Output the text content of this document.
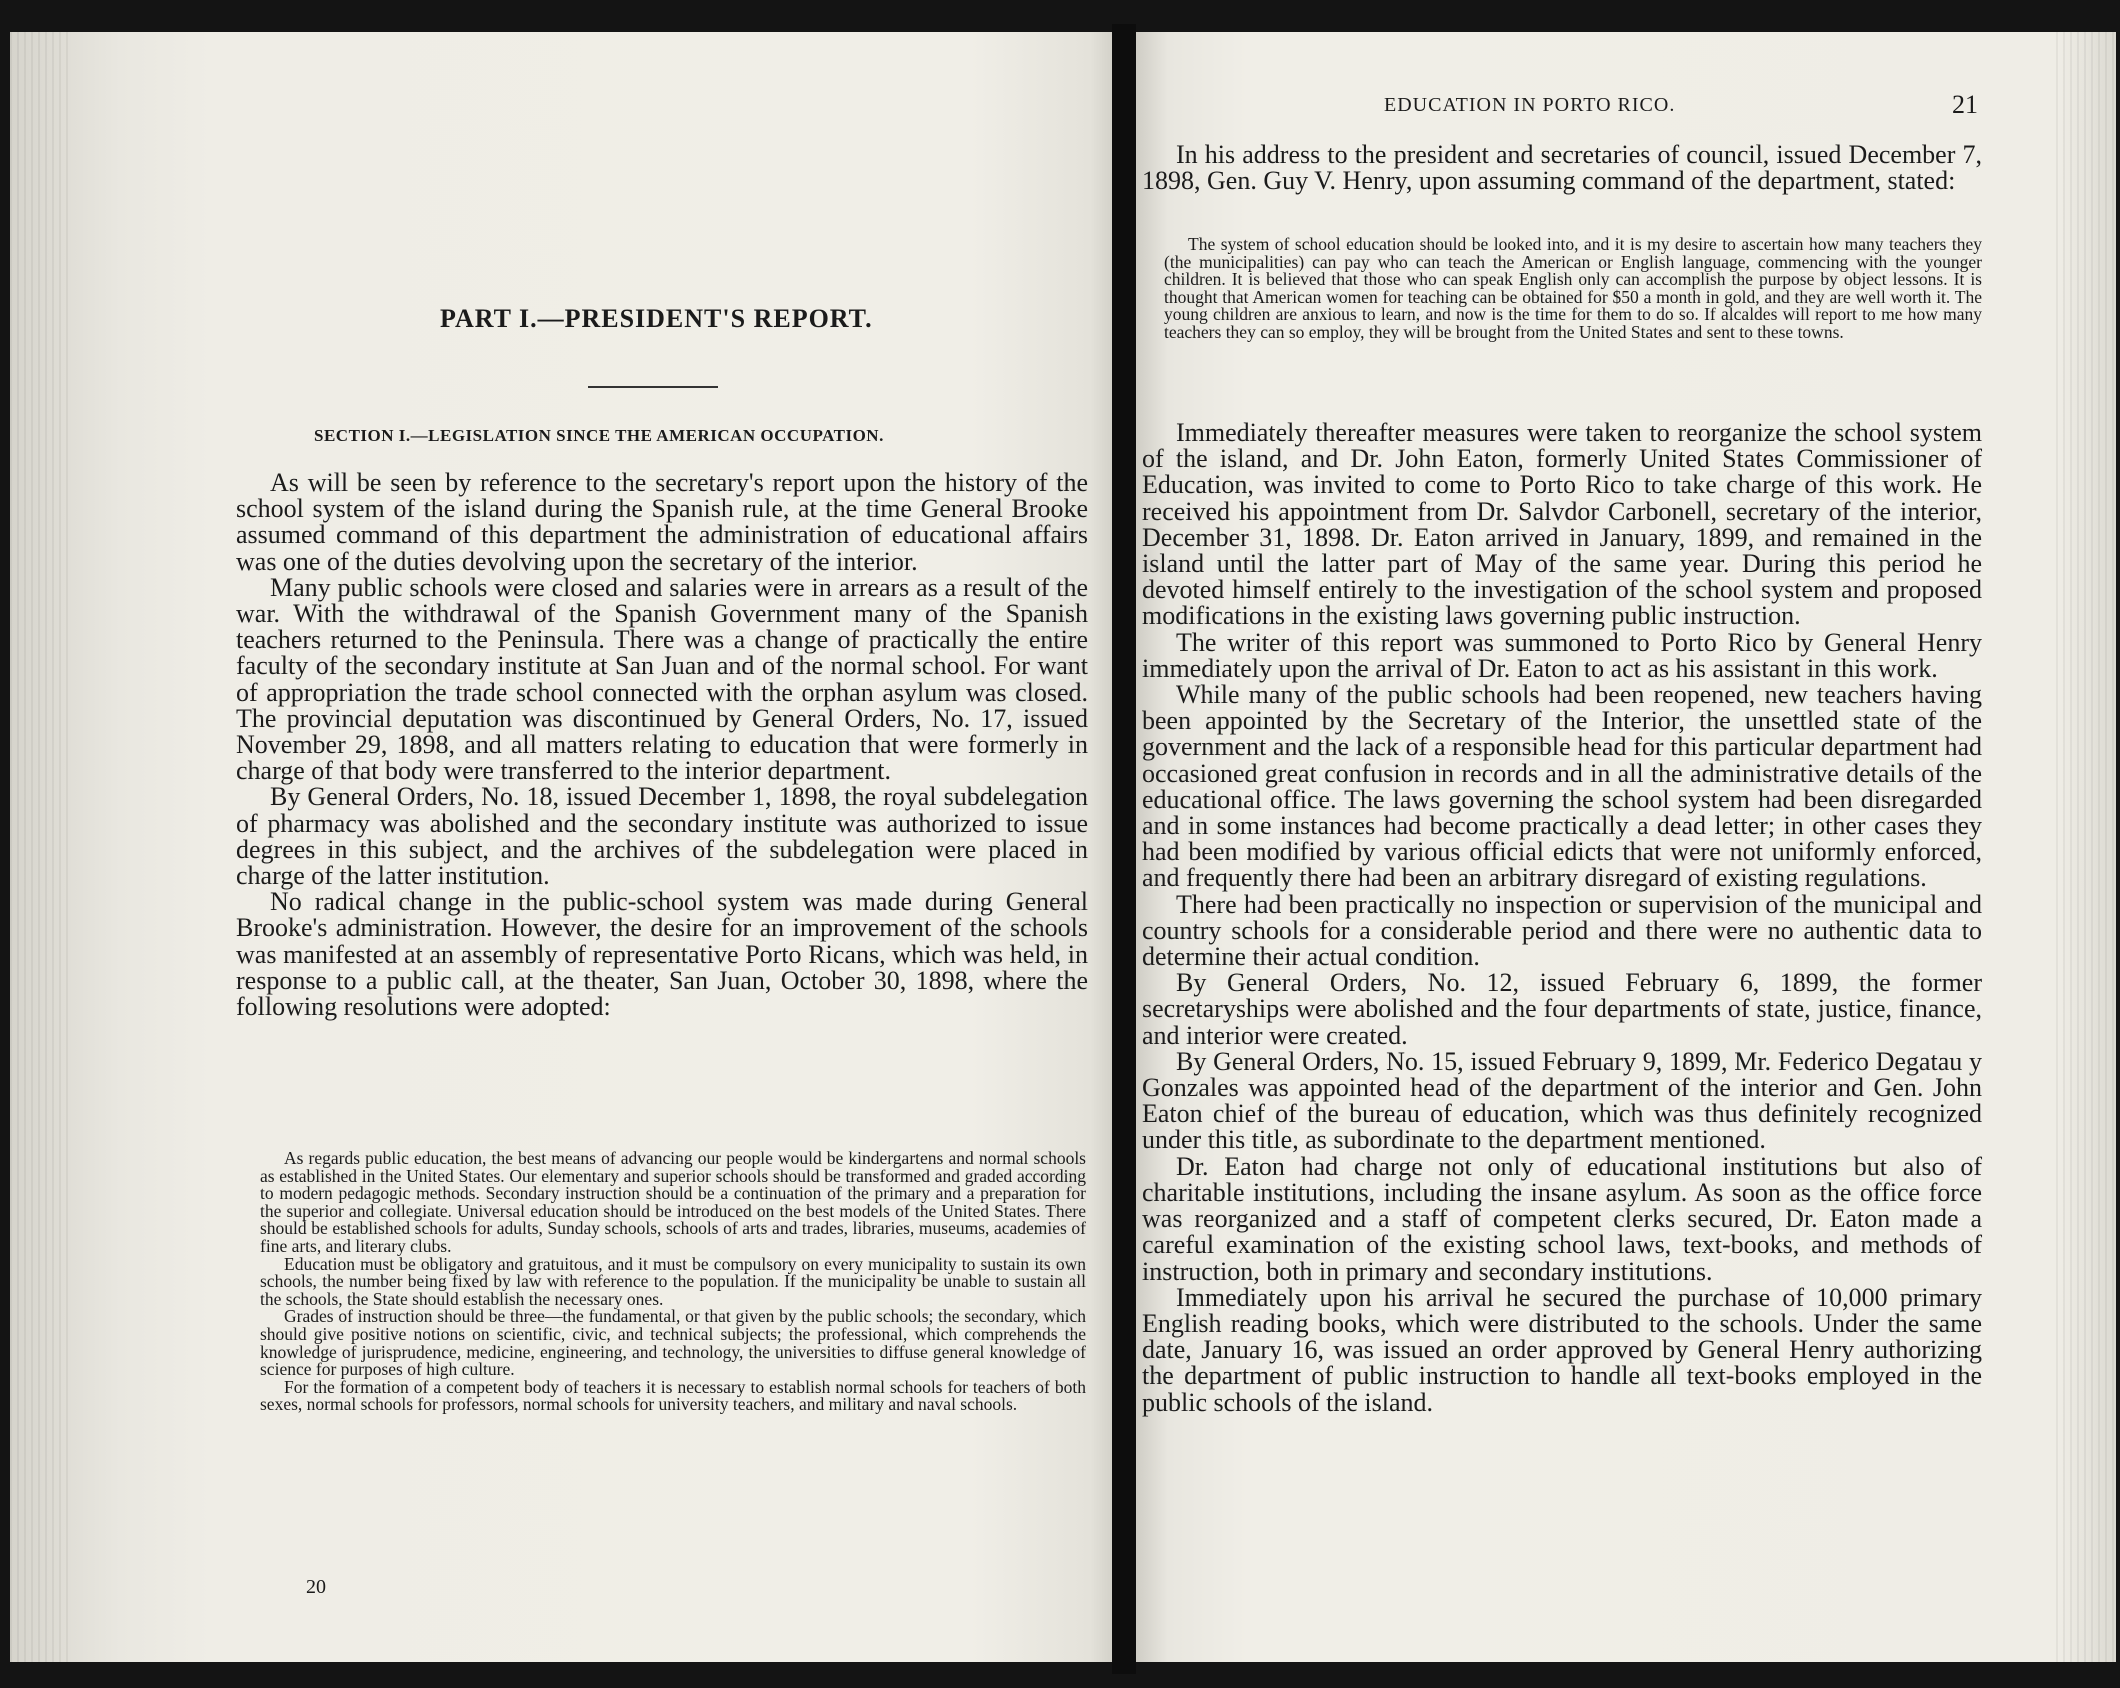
PART I.—PRESIDENT'S REPORT.
SECTION I.—LEGISLATION SINCE THE AMERICAN OCCUPATION.

As will be seen by reference to the secretary's report upon the history of the school system of the island during the Spanish rule, at the time General Brooke assumed command of this department the administration of educational affairs was one of the duties devolving upon the secretary of the interior.

Many public schools were closed and salaries were in arrears as a result of the war. With the withdrawal of the Spanish Government many of the Spanish teachers returned to the Peninsula. There was a change of practically the entire faculty of the secondary institute at San Juan and of the normal school. For want of appropriation the trade school connected with the orphan asylum was closed. The provincial deputation was discontinued by General Orders, No. 17, issued November 29, 1898, and all matters relating to education that were formerly in charge of that body were transferred to the interior department.

By General Orders, No. 18, issued December 1, 1898, the royal subdelegation of pharmacy was abolished and the secondary institute was authorized to issue degrees in this subject, and the archives of the subdelegation were placed in charge of the latter institution.

No radical change in the public-school system was made during General Brooke's administration. However, the desire for an improvement of the schools was manifested at an assembly of representative Porto Ricans, which was held, in response to a public call, at the theater, San Juan, October 30, 1898, where the following resolutions were adopted:

As regards public education, the best means of advancing our people would be kindergartens and normal schools as established in the United States. Our elementary and superior schools should be transformed and graded according to modern pedagogic methods. Secondary instruction should be a continuation of the primary and a preparation for the superior and collegiate. Universal education should be introduced on the best models of the United States. There should be established schools for adults, Sunday schools, schools of arts and trades, libraries, museums, academies of fine arts, and literary clubs.

Education must be obligatory and gratuitous, and it must be compulsory on every municipality to sustain its own schools, the number being fixed by law with reference to the population. If the municipality be unable to sustain all the schools, the State should establish the necessary ones.

Grades of instruction should be three—the fundamental, or that given by the public schools; the secondary, which should give positive notions on scientific, civic, and technical subjects; the professional, which comprehends the knowledge of jurisprudence, medicine, engineering, and technology, the universities to diffuse general knowledge of science for purposes of high culture.

For the formation of a competent body of teachers it is necessary to establish normal schools for teachers of both sexes, normal schools for professors, normal schools for university teachers, and military and naval schools.

20
EDUCATION IN PORTO RICO.	21

In his address to the president and secretaries of council, issued December 7, 1898, Gen. Guy V. Henry, upon assuming command of the department, stated:

The system of school education should be looked into, and it is my desire to ascertain how many teachers they (the municipalities) can pay who can teach the American or English language, commencing with the younger children. It is believed that those who can speak English only can accomplish the purpose by object lessons. It is thought that American women for teaching can be obtained for $50 a month in gold, and they are well worth it. The young children are anxious to learn, and now is the time for them to do so. If alcaldes will report to me how many teachers they can so employ, they will be brought from the United States and sent to these towns.

Immediately thereafter measures were taken to reorganize the school system of the island, and Dr. John Eaton, formerly United States Commissioner of Education, was invited to come to Porto Rico to take charge of this work. He received his appointment from Dr. Salvdor Carbonell, secretary of the interior, December 31, 1898. Dr. Eaton arrived in January, 1899, and remained in the island until the latter part of May of the same year. During this period he devoted himself entirely to the investigation of the school system and proposed modifications in the existing laws governing public instruction.

The writer of this report was summoned to Porto Rico by General Henry immediately upon the arrival of Dr. Eaton to act as his assistant in this work.

While many of the public schools had been reopened, new teachers having been appointed by the Secretary of the Interior, the unsettled state of the government and the lack of a responsible head for this particular department had occasioned great confusion in records and in all the administrative details of the educational office. The laws governing the school system had been disregarded and in some instances had become practically a dead letter; in other cases they had been modified by various official edicts that were not uniformly enforced, and frequently there had been an arbitrary disregard of existing regulations.

There had been practically no inspection or supervision of the municipal and country schools for a considerable period and there were no authentic data to determine their actual condition.

By General Orders, No. 12, issued February 6, 1899, the former secretaryships were abolished and the four departments of state, justice, finance, and interior were created.

By General Orders, No. 15, issued February 9, 1899, Mr. Federico Degatau y Gonzales was appointed head of the department of the interior and Gen. John Eaton chief of the bureau of education, which was thus definitely recognized under this title, as subordinate to the department mentioned.

Dr. Eaton had charge not only of educational institutions but also of charitable institutions, including the insane asylum. As soon as the office force was reorganized and a staff of competent clerks secured, Dr. Eaton made a careful examination of the existing school laws, text-books, and methods of instruction, both in primary and secondary institutions.

Immediately upon his arrival he secured the purchase of 10,000 primary English reading books, which were distributed to the schools. Under the same date, January 16, was issued an order approved by General Henry authorizing the department of public instruction to handle all text-books employed in the public schools of the island.
